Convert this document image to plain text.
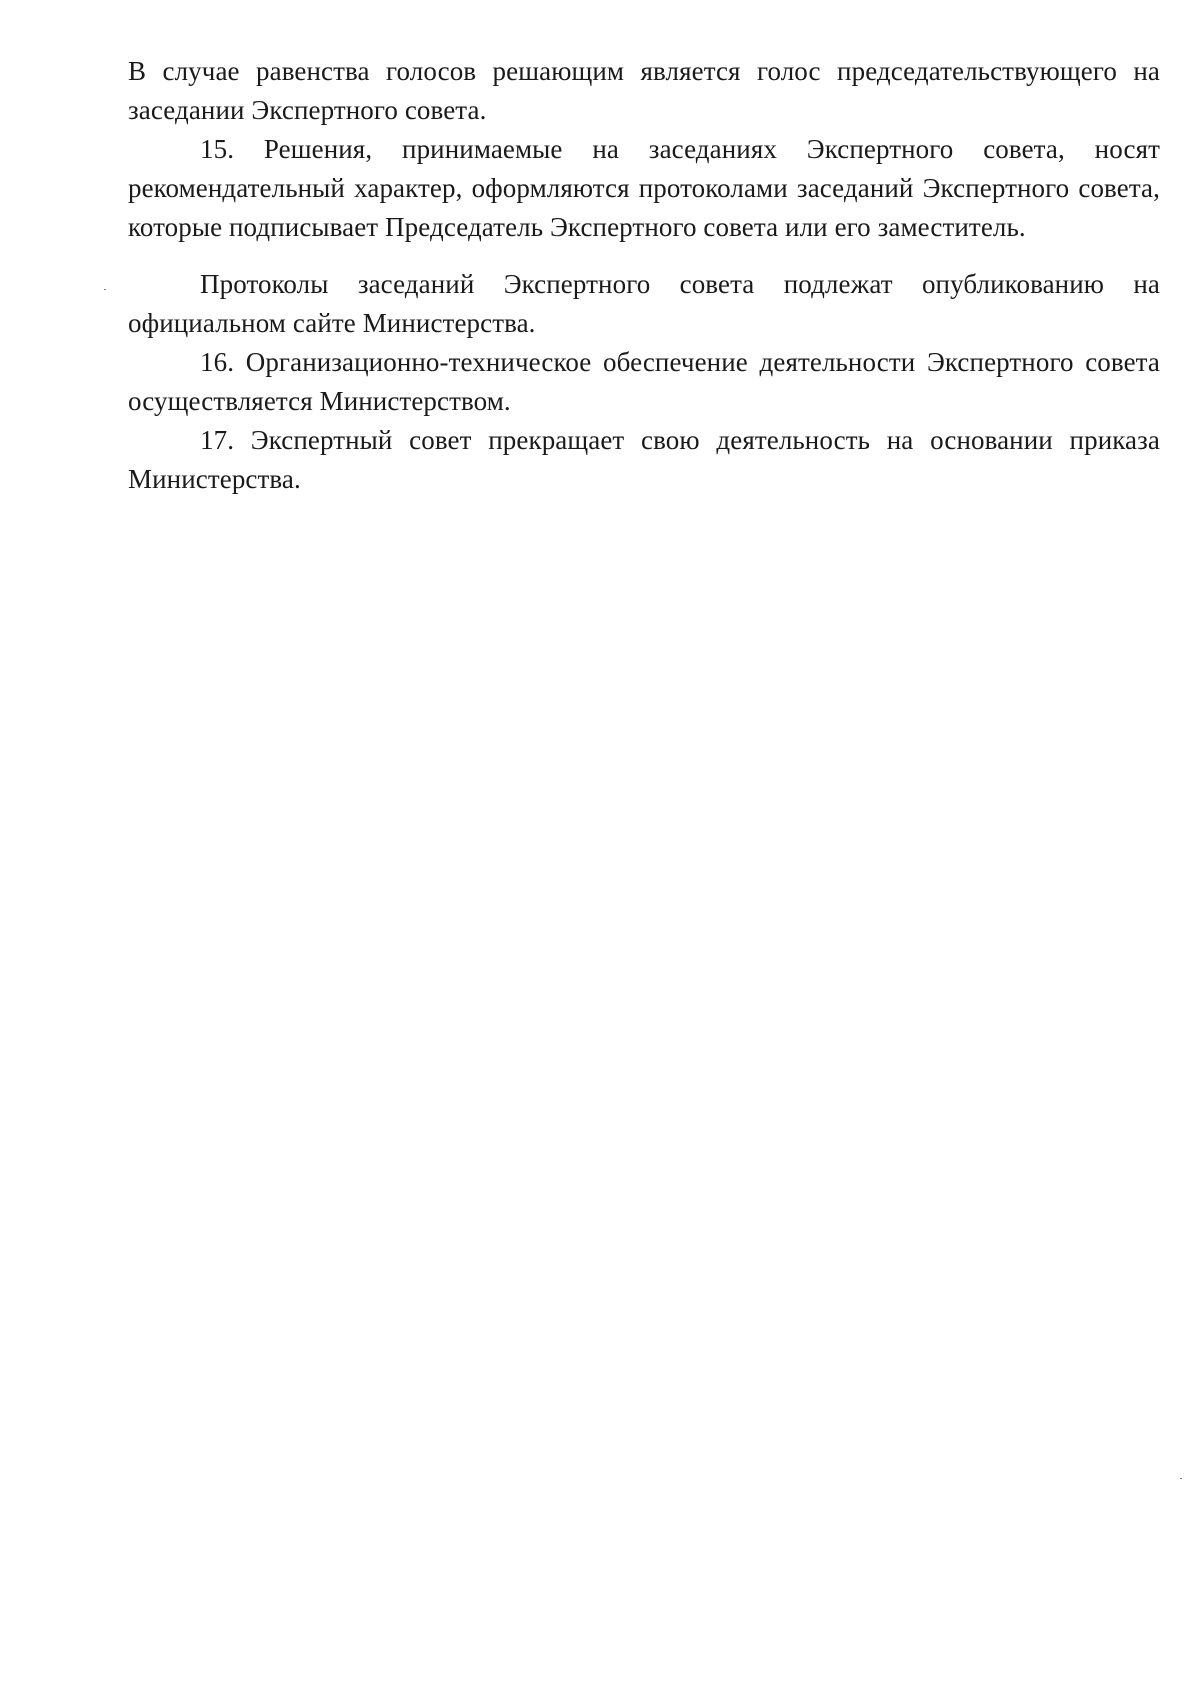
В случае равенства голосов решающим является голос председательствующего на заседании Экспертного совета.

15. Решения, принимаемые на заседаниях Экспертного совета, носят рекомендательный характер, оформляются протоколами заседаний Экспертного совета, которые подписывает Председатель Экспертного совета или его заместитель.

Протоколы заседаний Экспертного совета подлежат опубликованию на официальном сайте Министерства.

16. Организационно-техническое обеспечение деятельности Экспертного совета осуществляется Министерством.

17. Экспертный совет прекращает свою деятельность на основании приказа Министерства.
